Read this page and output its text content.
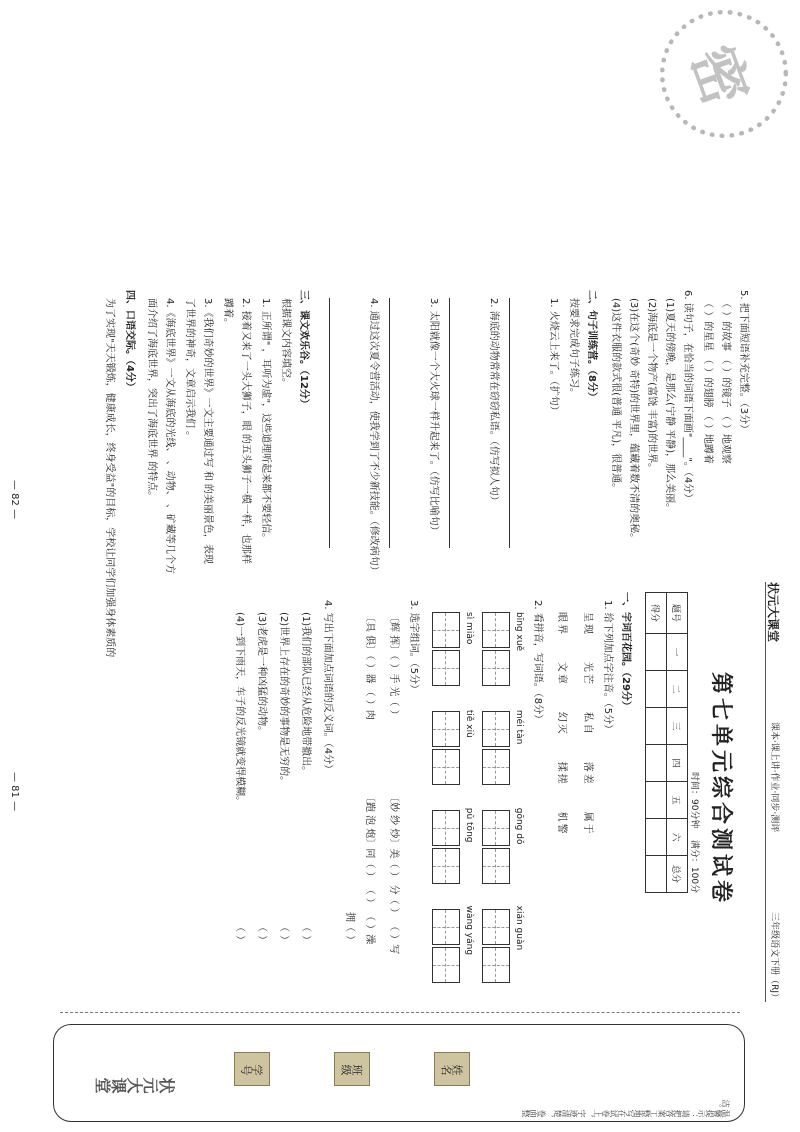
密
5. 把下面短语补充完整。（3分）
（ ）的故事 （ ）的镜子 （ ）地观察
（ ）的星星 （ ）的翅膀 （ ）地蹲着
6. 读句子，在恰当的词语下面画"____"。（4分）
(1)夏天的傍晚，是那么(宁静 平静)，那么美丽。
(2)海底是一个物产(富饶 丰富)的世界。
(3)在这个(奇妙 奇特)的世界里，蕴藏着数不清的奥秘。
(4)这件衣服的款式很(普通 平凡)，很普通。
二、句子训练营。（8分）
按要求完成句子练习。
1. 火烧云上来了。（扩句）
2. 海底的动物常常在窃窃私语。（仿写拟人句）
3. 太阳就像一个大火球一样升起来了。（仿写比喻句）
4. 通过这次夏令营活动，使我学到了不少新技能。（修改病句）
三、课文欢乐谷。（12分）
根据课文内容填空。
1. 正所谓" ，耳听为虚"，这些道理听起来都不要轻信。
2. 接着又来了一头大狮子，眼 的五头狮子一模一样，也那样
蹲着。
3.《我们奇妙的世界》一文主要通过写 和 的美丽景色，表现
了世界的神奇，文章启示我们 。
4.《海底世界》一文从海底的光线、 、动物、 、矿藏等几个方
面介绍了海底世界，突出了海底世界 的特点。
四、口语交际。（4分）
为了实现"天天锻炼，健康成长，终身受益"的目标，学校让同学们加强身体素质的
— 82 —
状元大课堂
课本·课上讲·作业·同步·测评
三年级语文下册（RJ）
第七单元综合测试卷
时间：90分钟    满分：100分
题号	一	二	三	四	五	六	总分
得分							
一、字词百花园。（29分）
1. 给下列加点字注音。（5分）
呈现     光芒     私自     落差     属于
眼界     文章     幻灭     揉搓     机警
2. 看拼音，写词语。（8分）
bīng xuě méi tàn gōng dǒ xián guàn

sì miào tiě xiù pǔ tōng wàng yáng

3. 选字组词。（5分）
〔辉 挥〕（ ）手 光（ ）
〔妙 纱 炒〕美（ ） 分（ ） （ ）写
〔具 俱〕（ ）器 （ ）肉
〔跑 泡 炮〕同（ ） （ ） （ ）澡
拥（ ）
4. 写出下面加点词语的反义词。（4分）
(1)我们的部队已经从危险地带撤出。
（ ）
(2)世界上存在的奇妙的事物是无穷的。
（ ）
(3)老虎是一种凶猛的动物。
（ ）
(4)一到下雨天，车子的反光镜就变得模糊。
（ ）
— 81 —
温馨提示：请把答案工整地写在试卷上，字迹清楚，卷面整洁。
姓名
班级
学号
状元大课堂
